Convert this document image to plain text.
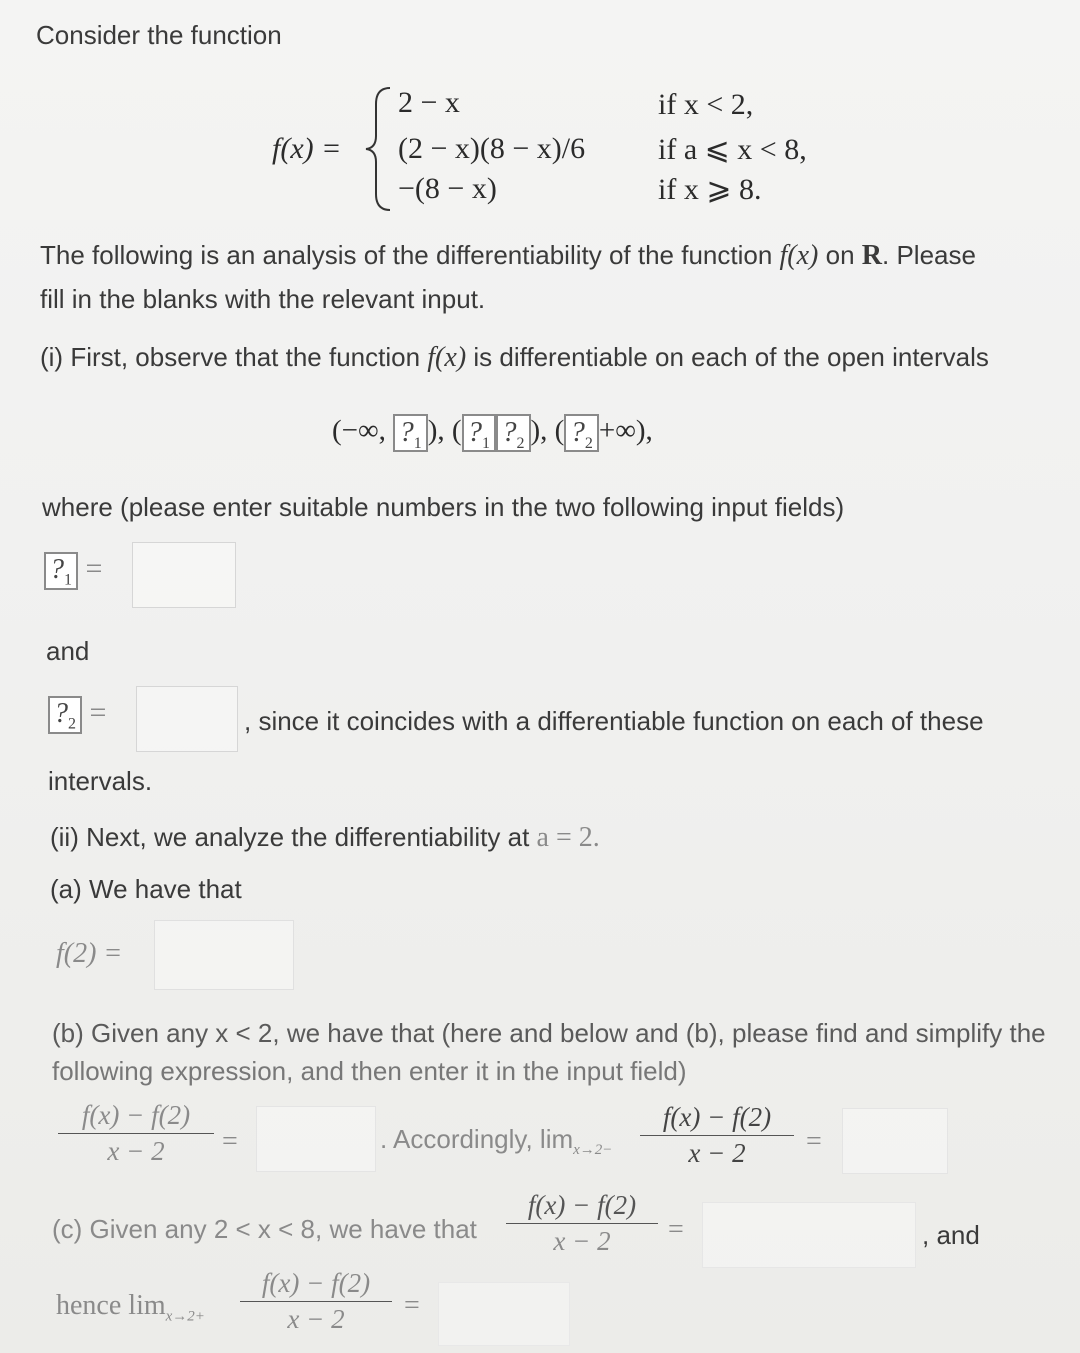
Consider the function
f(x) =
2 − x
(2 − x)(8 − x)/6
−(8 − x)
if x < 2,
if a ⩽ x < 8,
if x ⩾ 8.
The following is an analysis of the differentiability of the function f(x) on R. Please
fill in the blanks with the relevant input.
(i) First, observe that the function f(x) is differentiable on each of the open intervals
(−∞, $?_1$ ), ( $?_1$ $?_2$ ), ( $?_2$ +∞),
where (please enter suitable numbers in the two following input fields)
$?_1$ =
and
$?_2$ =	, since it coincides with a differentiable function on each of these
intervals.
(ii) Next, we analyze the differentiability at a = 2.
(a) We have that
f(2) =
(b) Given any x < 2, we have that (here and below and (b), please find and simplify the
following expression, and then enter it in the input field)
f(x) − f(2)
x − 2	=	. Accordingly, $\lim_{x\to 2-}$
f(x) − f(2)
x − 2	=
(c) Given any 2 < x < 8, we have that
f(x) − f(2)
x − 2	=	, and
hence $\lim_{x\to 2+}$
f(x) − f(2)
x − 2	=
